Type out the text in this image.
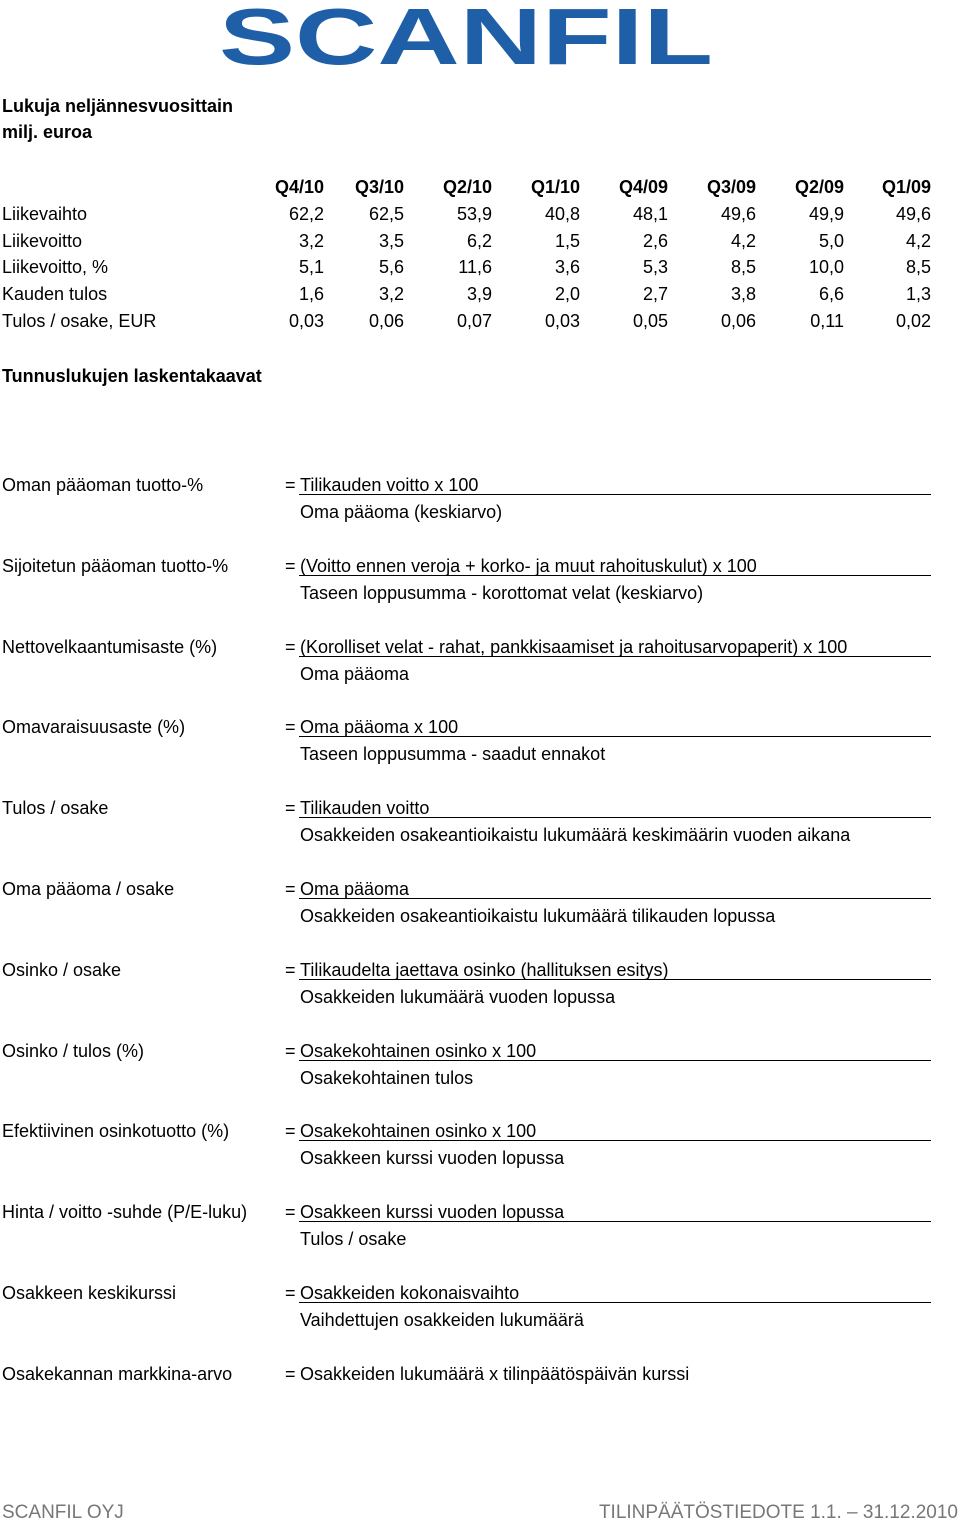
SCANFIL
Lukuja neljännesvuosittain
milj. euroa
	Q4/10	Q3/10	Q2/10	Q1/10	Q4/09	Q3/09	Q2/09	Q1/09
Liikevaihto	62,2	62,5	53,9	40,8	48,1	49,6	49,9	49,6
Liikevoitto	3,2	3,5	6,2	1,5	2,6	4,2	5,0	4,2
Liikevoitto, %	5,1	5,6	11,6	3,6	5,3	8,5	10,0	8,5
Kauden tulos	1,6	3,2	3,9	2,0	2,7	3,8	6,6	1,3
Tulos / osake, EUR	0,03	0,06	0,07	0,03	0,05	0,06	0,11	0,02
Tunnuslukujen laskentakaavat
Oman pääoman tuotto-%	= Tilikauden voitto x 100
Oma pääoma (keskiarvo)
Sijoitetun pääoman tuotto-%	= (Voitto ennen veroja + korko- ja muut rahoituskulut) x 100
Taseen loppusumma - korottomat velat (keskiarvo)
Nettovelkaantumisaste (%)	= (Korolliset velat - rahat, pankkisaamiset ja rahoitusarvopaperit) x 100
Oma pääoma
Omavaraisuusaste (%)	= Oma pääoma x 100
Taseen loppusumma - saadut ennakot
Tulos / osake	= Tilikauden voitto
Osakkeiden osakeantioikaistu lukumäärä keskimäärin vuoden aikana
Oma pääoma / osake	= Oma pääoma
Osakkeiden osakeantioikaistu lukumäärä tilikauden lopussa
Osinko / osake	= Tilikaudelta jaettava osinko (hallituksen esitys)
Osakkeiden lukumäärä vuoden lopussa
Osinko / tulos (%)	= Osakekohtainen osinko x 100
Osakekohtainen tulos
Efektiivinen osinkotuotto (%)	= Osakekohtainen osinko x 100
Osakkeen kurssi vuoden lopussa
Hinta / voitto -suhde (P/E-luku) = Osakkeen kurssi vuoden lopussa
Tulos / osake
Osakkeen keskikurssi	= Osakkeiden kokonaisvaihto
Vaihdettujen osakkeiden lukumäärä
Osakekannan markkina-arvo	= Osakkeiden lukumäärä x tilinpäätöspäivän kurssi
SCANFIL OYJ	TILINPÄÄTÖSTIEDOTE 1.1. – 31.12.2010
